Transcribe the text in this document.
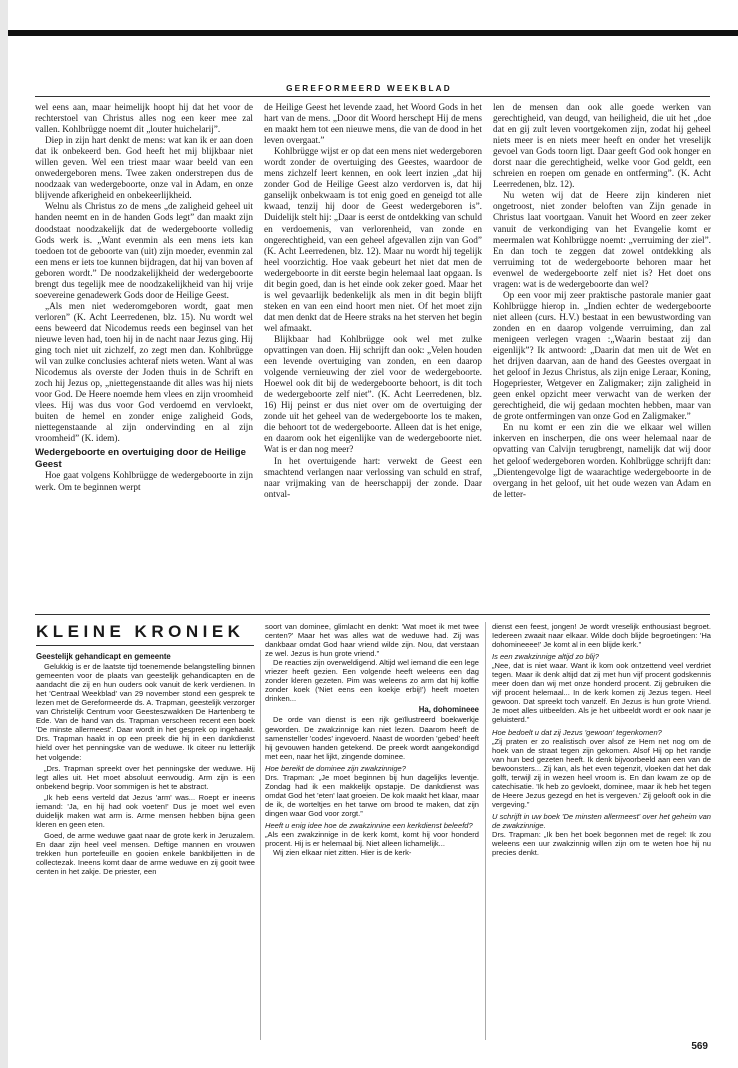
GEREFORMEERD WEEKBLAD

wel eens aan, maar heimelijk hoopt hij dat het voor de rechterstoel van Christus alles nog een keer mee zal vallen. Kohlbrügge noemt dit „louter huichelarij”.

Diep in zijn hart denkt de mens: wat kan ik er aan doen dat ik onbekeerd ben. God heeft het mij blijkbaar niet willen geven. Wel een triest maar waar beeld van een onwedergeboren mens. Twee zaken onderstrepen dus de noodzaak van wedergeboorte, onze val in Adam, en onze blijvende afkerigheid en onbekeerlijkheid.

Welnu als Christus zo de mens „de zaligheid geheel uit handen neemt en in de handen Gods legt” dan maakt zijn doodstaat noodzakelijk dat de wedergeboorte volledig Gods werk is. „Want evenmin als een mens iets kan toedoen tot de geboorte van (uit) zijn moeder, evenmin zal een mens er iets toe kunnen bijdragen, dat hij van boven af geboren wordt.” De noodzakelijkheid der wedergeboorte brengt dus tegelijk mee de noodzakelijkheid van hij vrije soevereine genadewerk Gods door de Heilige Geest.

„Als men niet wederomgeboren wordt, gaat men verloren” (K. Acht Leerredenen, blz. 15). Nu wordt wel eens beweerd dat Nicodemus reeds een beginsel van het nieuwe leven had, toen hij in de nacht naar Jezus ging. Hij ging toch niet uit zichzelf, zo zegt men dan. Kohlbrügge wil van zulke conclusies achteraf niets weten. Want al was Nicodemus als overste der Joden thuis in de Schrift en zoch hij Jezus op, „niettegenstaande dit alles was hij niets voor God. De Heere noemde hem vlees en zijn vroomheid vlees. Hij was dus voor God verdoemd en vervloekt, buiten de hemel en zonder enige zaligheid Gods, niettegenstaande al zijn ondervinding en al zijn vroomheid” (K. idem).

Wedergeboorte en overtuiging door de Heilige Geest

Hoe gaat volgens Kohlbrügge de wedergeboorte in zijn werk. Om te beginnen werpt

de Heilige Geest het levende zaad, het Woord Gods in het hart van de mens. „Door dit Woord herschept Hij de mens en maakt hem tot een nieuwe mens, die van de dood in het leven overgaat.”

Kohlbrügge wijst er op dat een mens niet wedergeboren wordt zonder de overtuiging des Geestes, waardoor de mens zichzelf leert kennen, en ook leert inzien „dat hij zonder God de Heilige Geest alzo verdorven is, dat hij ganselijk onbekwaam is tot enig goed en geneigd tot alle kwaad, tenzij hij door de Geest wedergeboren is”. Duidelijk stelt hij: „Daar is eerst de ontdekking van schuld en verdoemenis, van verlorenheid, van zonde en ongerechtigheid, van een geheel afgevallen zijn van God” (K. Acht Leerredenen, blz. 12). Maar nu wordt hij tegelijk heel voorzichtig. Hoe vaak gebeurt het niet dat men de wedergeboorte in dit eerste begin helemaal laat opgaan. Is dit begin goed, dan is het einde ook zeker goed. Maar het is wel gevaarlijk bedenkelijk als men in dit begin blijft steken en van een eind hoort men niet. Of het moet zijn dat men denkt dat de Heere straks na het sterven het begin wel afmaakt.

Blijkbaar had Kohlbrügge ook wel met zulke opvattingen van doen. Hij schrijft dan ook: „Velen houden een levende overtuiging van zonden, en een daarop volgende vernieuwing der ziel voor de wedergeboorte. Hoewel ook dit bij de wedergeboorte behoort, is dit toch de wedergeboorte zelf niet”. (K. Acht Leerredenen, blz. 16) Hij peinst er dus niet over om de overtuiging der zonde uit het geheel van de wedergeboorte los te maken, die behoort tot de wedergeboorte. Alleen dat is het enige, en daarom ook het eigenlijke van de wedergeboorte niet. Wat is er dan nog meer?

In het overtuigende hart: verwekt de Geest een smachtend verlangen naar verlossing van schuld en straf, naar vrijmaking van de heerschappij der zonde. Daar ontval-

len de mensen dan ook alle goede werken van gerechtigheid, van deugd, van heiligheid, die uit het „doe dat en gij zult leven voortgekomen zijn, zodat hij geheel niets meer is en niets meer heeft en onder het vreselijk gevoel van Gods toorn ligt. Daar geeft God ook honger en dorst naar die gerechtigheid, welke voor God geldt, een schreien en roepen om genade en ontferming”. (K. Acht Leerredenen, blz. 12).

Nu weten wij dat de Heere zijn kinderen niet ongetroost, niet zonder beloften van Zijn genade in Christus laat voortgaan. Vanuit het Woord en zeer zeker vanuit de verkondiging van het Evangelie komt er meermalen wat Kohlbrügge noemt: „verruiming der ziel”. En dan toch te zeggen dat zowel ontdekking als verruiming tot de wedergeboorte behoren maar het evenwel de wedergeboorte zelf niet is? Het doet ons vragen: wat is de wedergeboorte dan wel?

Op een voor mij zeer praktische pastorale manier gaat Kohlbrügge hierop in. „Indien echter de wedergeboorte niet alleen (curs. H.V.) bestaat in een bewustwording van zonden en en daarop volgende verruiming, dan zal menigeen verlegen vragen :„Waarin bestaat zij dan eigenlijk”? Ik antwoord: „Daarin dat men uit de Wet en het drijven daarvan, aan de hand des Geestes overgaat in het geloof in Jezus Christus, als zijn enige Leraar, Koning, Hogepriester, Wetgever en Zaligmaker; zijn zaligheid in geen enkel opzicht meer verwacht van de werken der gerechtigheid, die wij gedaan mochten hebben, maar van de grote ontfermingen van onze God en Zaligmaker.”

En nu komt er een zin die we elkaar wel willen inkerven en inscherpen, die ons weer helemaal naar de opvatting van Calvijn terugbrengt, namelijk dat wij door het geloof wedergeboren worden. Kohlbrügge schrijft dan: „Dientengevolge ligt de waarachtige wedergeboorte in de overgang in het geloof, uit het oude wezen van Adam en de letter-

KLEINE KRONIEK
Geestelijk gehandicapt en gemeente

Gelukkig is er de laatste tijd toenemende belangstelling binnen gemeenten voor de plaats van geestelijk gehandicapten en de aandacht die zij en hun ouders ook vanuit de kerk verdienen. In het 'Centraal Weekblad' van 29 november stond een gesprek te lezen met de Gereformeerde ds. A. Trapman, geestelijk verzorger van Christelijk Centrum voor Geesteszwakken De Hartenberg te Ede. Van de hand van ds. Trapman verscheen recent een boek 'De minste allermeest'. Daar wordt in het gesprek op ingehaakt. Drs. Trapman haakt in op een preek die hij in een dankdienst hield over het penningske van de weduwe. Ik citeer nu letterlijk het volgende:

„Drs. Trapman spreekt over het penningske der weduwe. Hij legt alles uit. Het moet absoluut eenvoudig. Arm zijn is een onbekend begrip. Voor sommigen is het te abstract.

„Ik heb eens verteld dat Jezus 'arm' was... Roept er ineens iemand: 'Ja, en hij had ook voeten!' Dus je moet wel even duidelijk maken wat arm is. Arme mensen hebben bijna geen kleren en geen eten.

Goed, de arme weduwe gaat naar de grote kerk in Jeruzalem. En daar zijn heel veel mensen. Deftige mannen en vrouwen trekken hun portefeuille en gooien enkele bankbiljetten in de collectezak. Ineens komt daar de arme weduwe en zij gooit twee centen in het zakje. De priester, een

soort van dominee, glimlacht en denkt: 'Wat moet ik met twee centen?' Maar het was alles wat de weduwe had. Zij was dankbaar omdat God haar vriend wilde zijn. Nou, dat verstaan ze wel. Jezus is hun grote vriend.”

De reacties zijn overweldigend. Altijd wel iemand die een lege vriezer heeft gezien. Een volgende heeft weleens een dag zonder kleren gezeten. Pim was weleens zo arm dat hij koffie zonder koek ('Niet eens een koekje erbij!') heeft moeten drinken...

Ha, dohomineee

De orde van dienst is een rijk geïllustreerd boekwerkje geworden. De zwakzinnige kan niet lezen. Daarom heeft de samensteller 'codes' ingevoerd. Naast de woorden 'gebed' heeft hij gevouwen handen getekend. De preek wordt aangekondigd met een, naar het lijkt, zingende domineе.

Hoe bereikt de dominee zijn zwakzinnige?

Drs. Trapman: „Je moet beginnen bij hun dagelijks leventje. Zondag had ik een makkelijk opstapje. De dankdienst was omdat God het 'eten' laat groeien. De kok maakt het klaar, maar de ik, de worteltjes en het tarwe om brood te maken, dat zijn dingen waar God voor zorgt.”

Heeft u enig idee hoe de zwakzinnine een kerkdienst beleefd?

„Als een zwakzinnige in de kerk komt, komt hij voor honderd procent. Hij is er helemaal bij. Niet alleen lichamelijk...

Wij zien elkaar niet zitten. Hier is de kerk-

dienst een feest, jongen! Je wordt vreselijk enthousiast begroet. Iedereen zwaait naar elkaar. Wilde doch blijde begroetingen: 'Ha dohomineeee!' Je komt al in een blijde kerk.”

Is een zwakzinnige altijd zo blij?

„Nee, dat is niet waar. Want ik kom ook ontzettend veel verdriet tegen. Maar ik denk altijd dat zij met hun vijf procent godskennis meer doen dan wij met onze honderd procent. Zij gebruiken die vijf procent helemaal... In de kerk komen zij Jezus tegen. Heel gewoon. Dat spreekt toch vanzelf. En Jezus is hun grote Vriend. Je moet alles uitbeelden. Als je het uitbeeldt wordt er ook naar je geluisterd.”

Hoe bedoelt u dat zij Jezus 'gewoon' tegenkomen?

„Zij praten er zo realistisch over alsof ze Hem net nog om de hoek van de straat tegen zijn gekomen. Alsof Hij op het randje van hun bed gezeten heeft. Ik denk bijvoorbeeld aan een van de bewoonsters... Zij kan, als het even tegenzit, vloeken dat het dak golft, terwijl zij in wezen heel vroom is. En dan kwam ze op de catechisatie. 'Ik heb zo gevloekt, dominee, maar ik heb het tegen de Heere Jezus gezegd en het is vergeven.' Zij gelooft ook in die vergeving.”

U schrijft in uw boek 'De minsten allermeest' over het geheim van de zwakzinnige.

Drs. Trapman: „Ik ben het boek begonnen met de regel: Ik zou weleens een uur zwakzinnig willen zijn om te weten hoe hij nu precies denkt.

569
